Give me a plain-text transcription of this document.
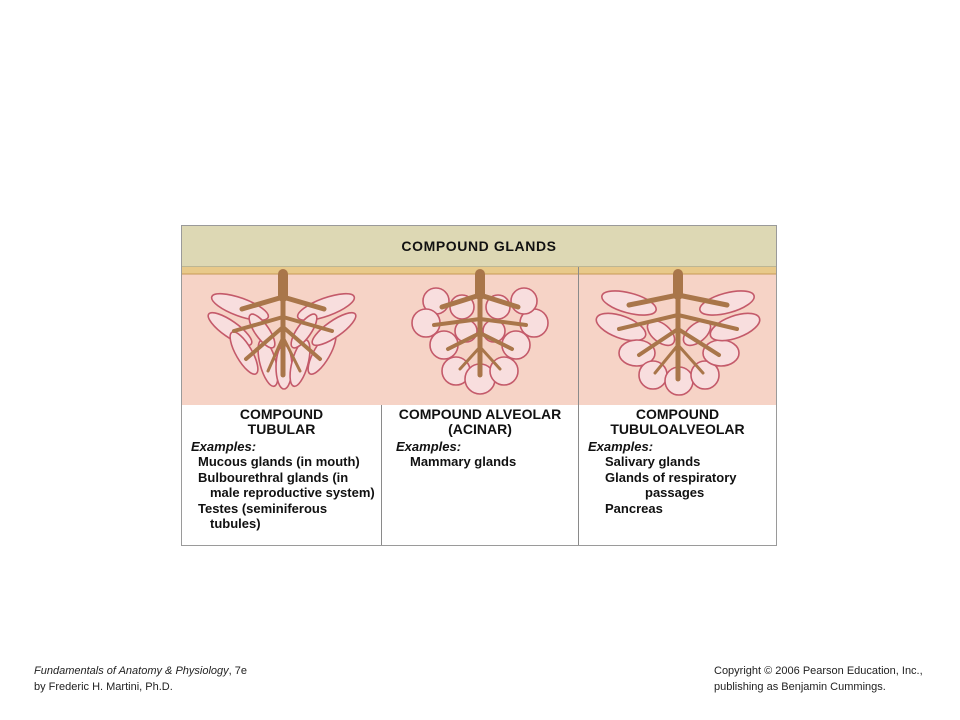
COMPOUND GLANDS
COMPOUND
TUBULAR
Examples:
Mucous glands (in mouth)
Bulbourethral glands (in
male reproductive system)
Testes (seminiferous
tubules)
COMPOUND ALVEOLAR
(ACINAR)
Examples:
Mammary glands
COMPOUND
TUBULOALVEOLAR
Examples:
Salivary glands
Glands of respiratory
passages
Pancreas
Fundamentals of Anatomy & Physiology, 7e
by Frederic H. Martini, Ph.D.
Copyright © 2006 Pearson Education, Inc.,
publishing as Benjamin Cummings.
